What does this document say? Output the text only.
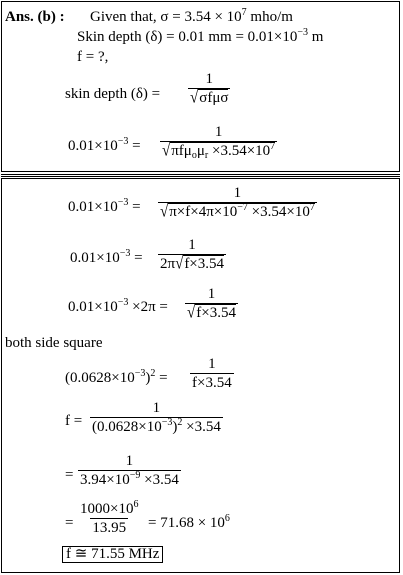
Ans. (b) : Given that, $\sigma = 3.54 \times 10^7$ mho/m
Skin depth (δ) = 0.01 mm = $0.01\times 10^{-3}$ m
f = ?,
skin depth (δ) =
1
√σfμσ
$0.01\times 10^{-3}$ =
1
$√\pi f\mu_o\mu_r \times 3.54\times 10^7$
$0.01\times 10^{-3} = \frac{1}{√\pi\times f\times 4\pi\times 10^{-7} \times 3.54\times 10^7}$
$0.01\times 10^{-3} = \frac{1}{2\pi√f\times 3.54}$
$0.01\times 10^{-3} \times 2\pi = \frac{1}{√f\times 3.54}$
both side square
$(0.0628\times 10^{-3})^2 = \frac{1}{f\times 3.54}$
$f = \frac{1}{(0.0628\times 10^{-3})^2 \times 3.54}$
= $\frac{1}{3.94\times 10^{-9} \times 3.54}$
= $\frac{1000\times 10^6}{13.95} = 71.68 \times 10^6$
f ≅ 71.55 MHz
